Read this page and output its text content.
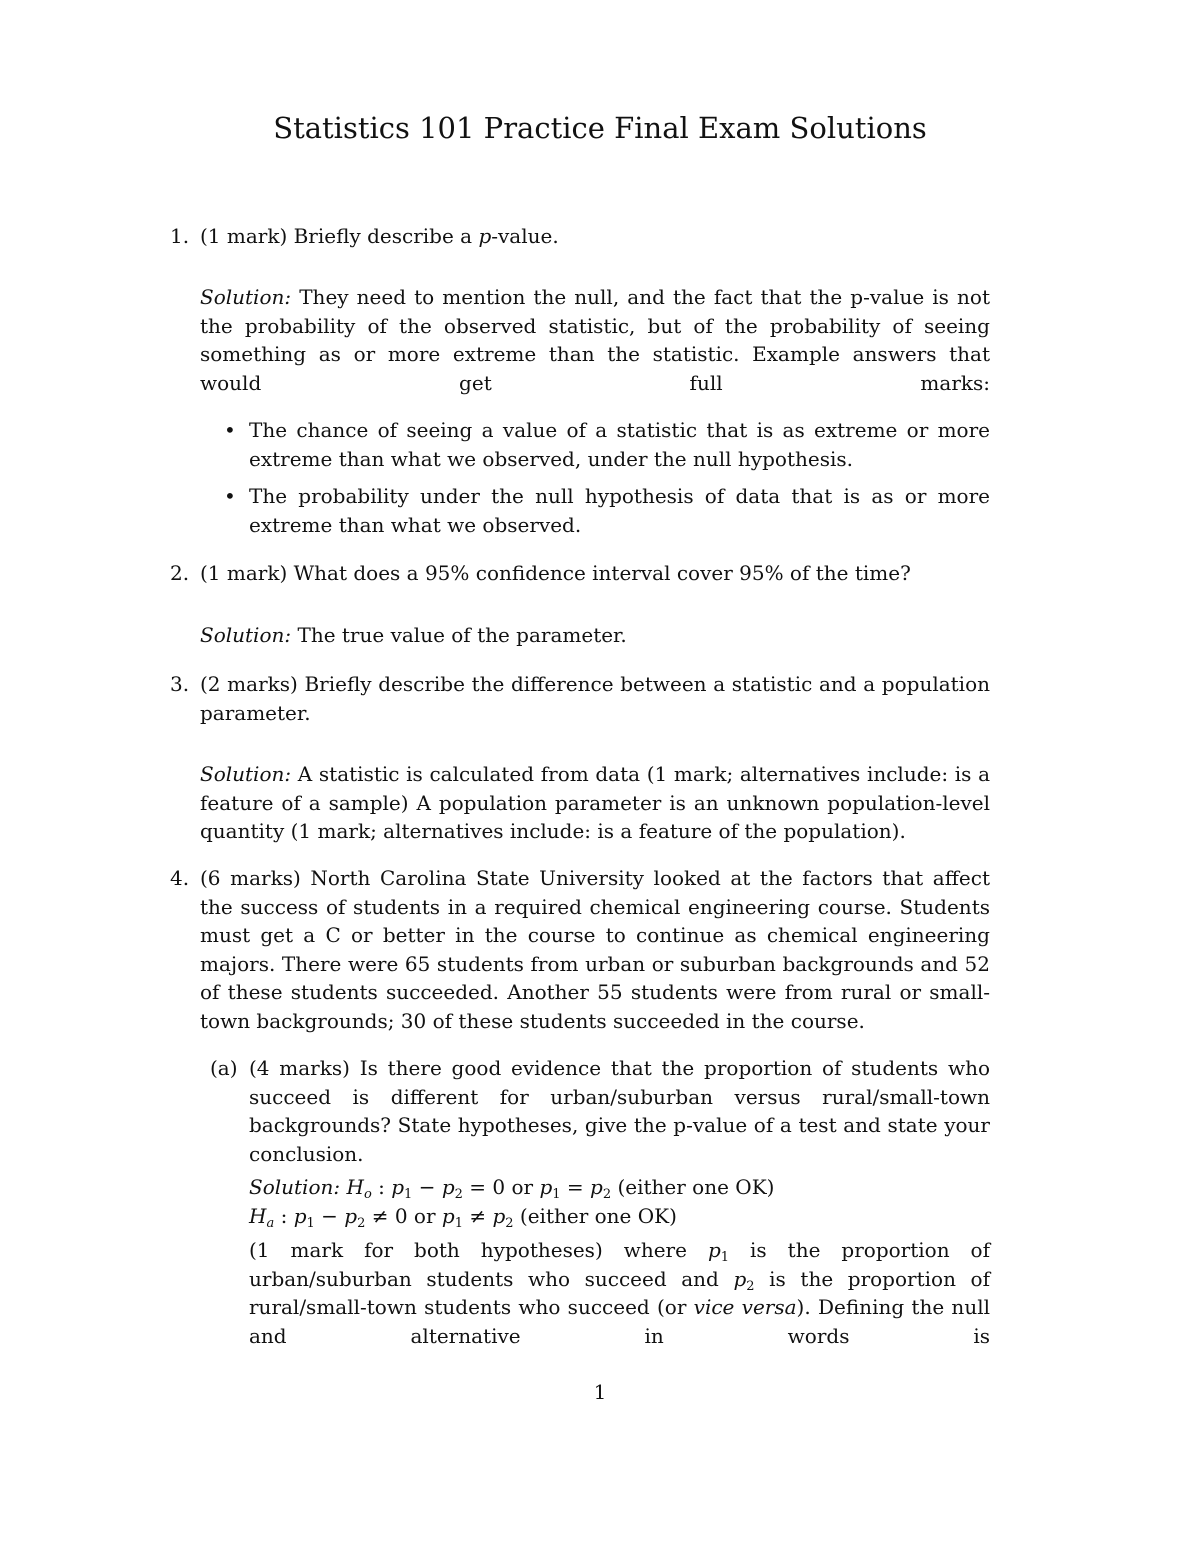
Statistics 101 Practice Final Exam Solutions
1. (1 mark) Briefly describe a p-value.
Solution: They need to mention the null, and the fact that the p-value is not the probability of the observed statistic, but of the probability of seeing something as or more extreme than the statistic. Example answers that would get full marks:
• The chance of seeing a value of a statistic that is as extreme or more extreme than what we observed, under the null hypothesis.
• The probability under the null hypothesis of data that is as or more extreme than what we observed.
2. (1 mark) What does a 95% confidence interval cover 95% of the time?
Solution: The true value of the parameter.
3. (2 marks) Briefly describe the difference between a statistic and a population parameter.
Solution: A statistic is calculated from data (1 mark; alternatives include: is a feature of a sample) A population parameter is an unknown population-level quantity (1 mark; alternatives include: is a feature of the population).
4. (6 marks) North Carolina State University looked at the factors that affect the success of students in a required chemical engineering course. Students must get a C or better in the course to continue as chemical engineering majors. There were 65 students from urban or suburban backgrounds and 52 of these students succeeded. Another 55 students were from rural or small-town backgrounds; 30 of these students succeeded in the course.
(a) (4 marks) Is there good evidence that the proportion of students who succeed is different for urban/suburban versus rural/small-town backgrounds? State hypotheses, give the p-value of a test and state your conclusion.
Solution: $H_o$ : $p_1 - p_2 = 0$ or $p_1 = p_2$ (either one OK)
$H_a$ : $p_1 - p_2 \ne 0$ or $p_1 \ne p_2$ (either one OK)
(1 mark for both hypotheses) where $p_1$ is the proportion of urban/suburban students who succeed and $p_2$ is the proportion of rural/small-town students who succeed (or vice versa). Defining the null and alternative in words is
1
